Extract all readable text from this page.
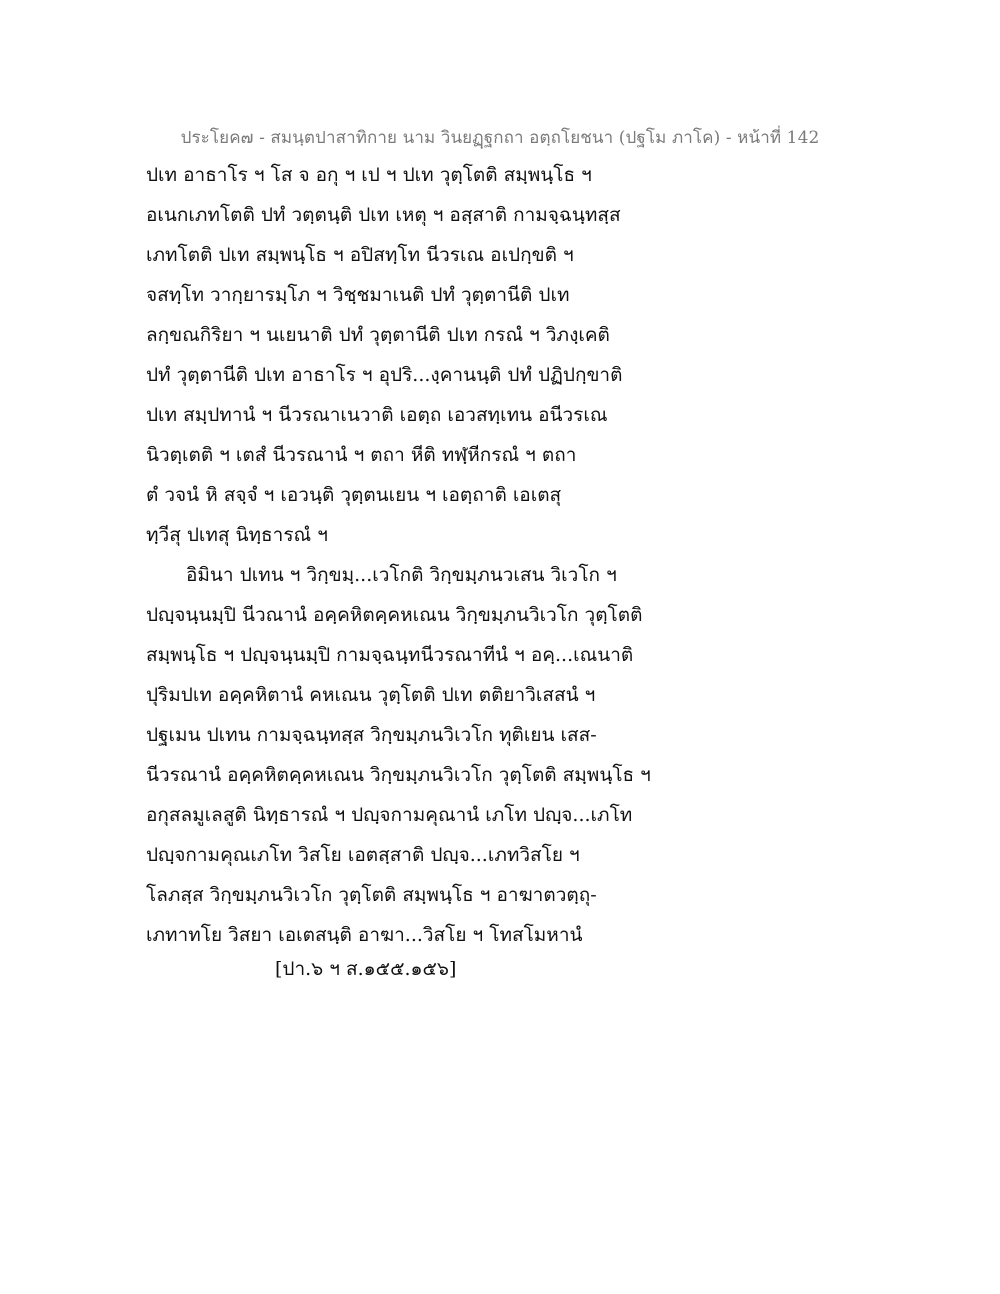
ประโยค๗ - สมนฺตปาสาทิกาย นาม วินยฏฺฐกถา อตฺถโยชนา (ปฐโม ภาโค) - หน้าที่ 142
ปเท อาธาโร ฯ โส จ อกุ ฯ เป ฯ ปเท วุตฺโตติ สมฺพนฺโธ ฯ
อเนกเภทโตติ ปทํ วตฺตนฺติ ปเท เหตุ ฯ อสฺสาติ กามจฺฉนฺทสฺส
เภทโตติ ปเท สมฺพนฺโธ ฯ อปิสทฺโท นีวรเณ อเปกฺขติ ฯ
จสทฺโท วากฺยารมฺโภ ฯ วิชฺชมาเนติ ปทํ วุตฺตานีติ ปเท
ลกฺขณกิริยา ฯ นเยนาติ ปทํ วุตฺตานีติ ปเท กรณํ ฯ วิภงฺเคติ
ปทํ วุตฺตานีติ ปเท อาธาโร ฯ อุปริ...งฺคานนฺติ ปทํ ปฏิปกฺขาติ
ปเท สมฺปทานํ ฯ นีวรณาเนวาติ เอตฺถ เอวสทฺเทน อนีวรเณ
นิวตฺเตติ ฯ เตสํ นีวรณานํ ฯ ตถา หีติ ทฬฺหีกรณํ ฯ ตถา
ตํ วจนํ หิ สจฺจํ ฯ เอวนฺติ วุตฺตนเยน ฯ เอตฺถาติ เอเตสุ
ทฺวีสุ ปเทสุ นิทฺธารณํ ฯ
อิมินา ปเทน ฯ วิกฺขมฺ...เวโกติ วิกฺขมฺภนวเสน วิเวโก ฯ
ปญฺจนฺนมฺปิ นีวณานํ อคฺคหิตคฺคหเณน วิกฺขมฺภนวิเวโก วุตฺโตติ
สมฺพนฺโธ ฯ ปญฺจนฺนมฺปิ กามจฺฉนฺทนีวรณาทีนํ ฯ อคฺ...เณนาติ
ปุริมปเท อคฺคหิตานํ คหเณน วุตฺโตติ ปเท ตติยาวิเสสนํ ฯ
ปฐเมน ปเทน กามจฺฉนฺทสฺส วิกฺขมฺภนวิเวโก ทุติเยน เสส-
นีวรณานํ อคฺคหิตคฺคหเณน วิกฺขมฺภนวิเวโก วุตฺโตติ สมฺพนฺโธ ฯ
อกุสลมูเลสูติ นิทฺธารณํ ฯ ปญฺจกามคุณานํ เภโท ปญฺจ...เภโท
ปญฺจกามคุณเภโท วิสโย เอตสฺสาติ ปญฺจ...เภทวิสโย ฯ
โลภสฺส วิกฺขมฺภนวิเวโก วุตฺโตติ สมฺพนฺโธ ฯ อาฆาตวตฺถุ-
เภทาทโย วิสยา เอเตสนฺติ อาฆา...วิสโย ฯ โทสโมหานํ
[ปา.๖ ฯ ส.๑๕๕.๑๕๖]
